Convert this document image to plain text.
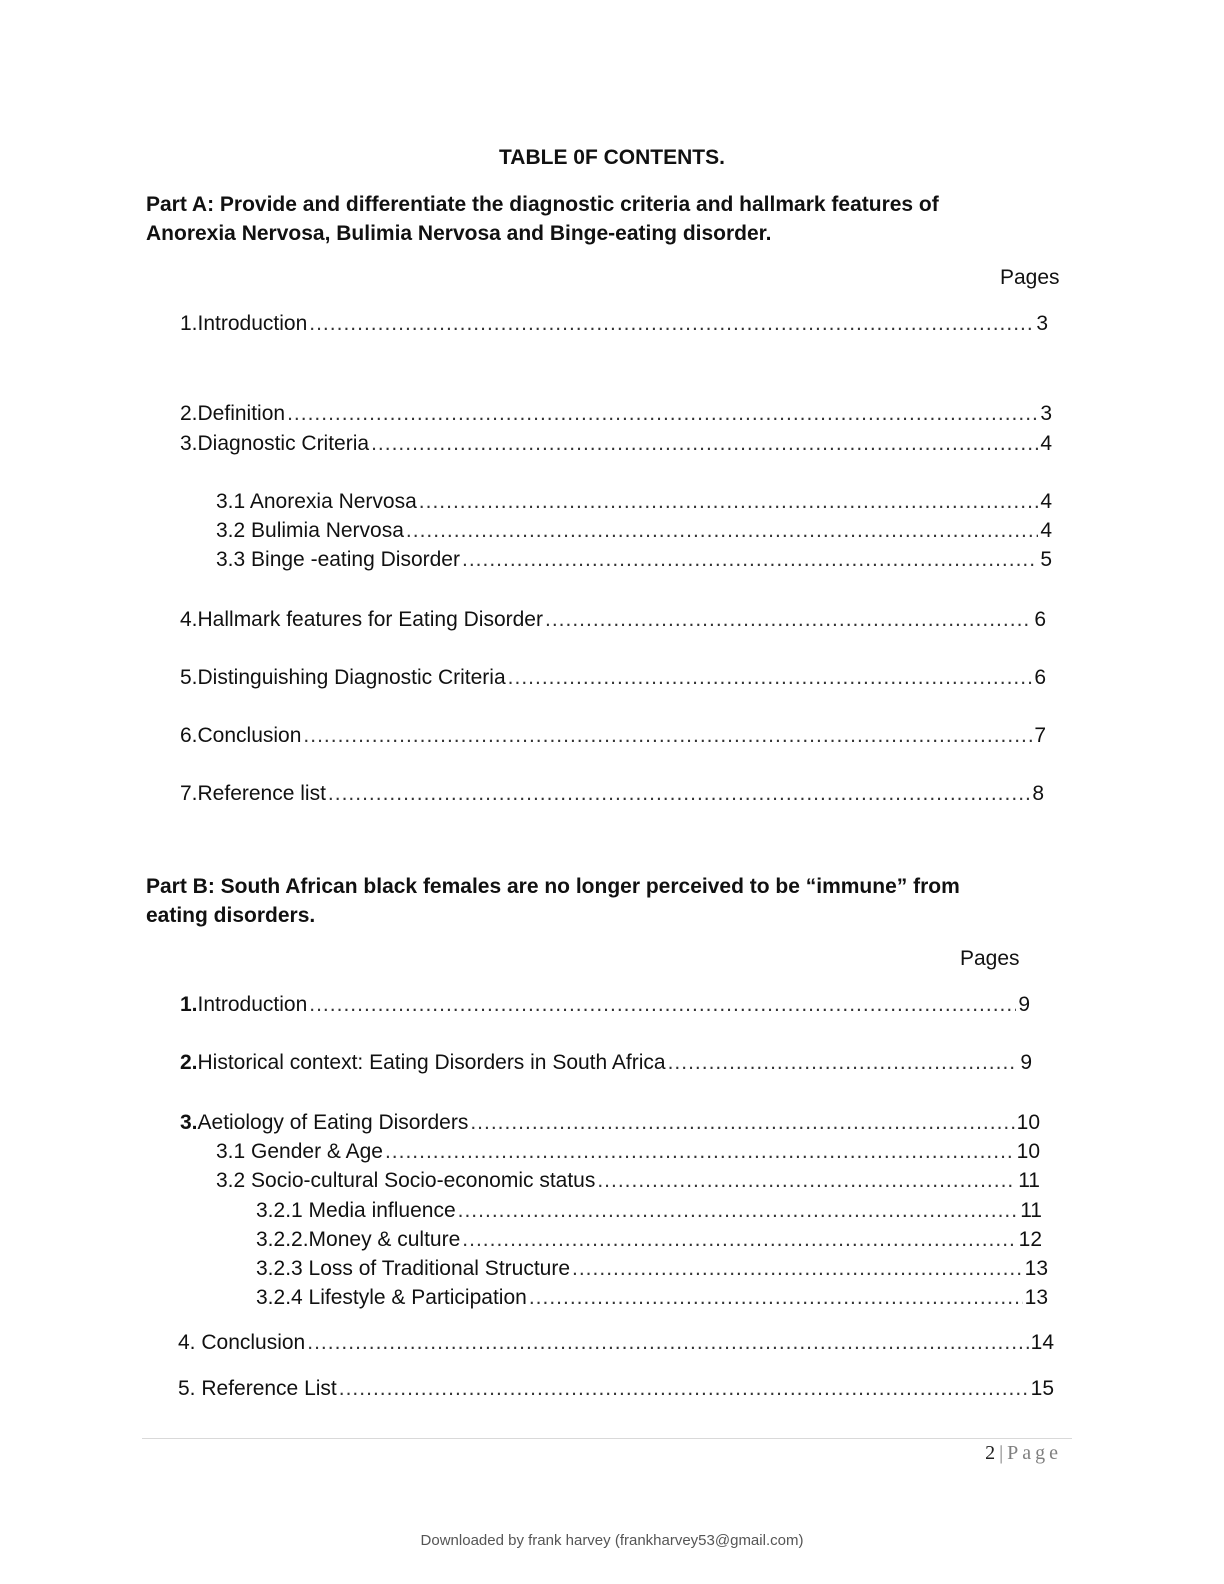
TABLE 0F CONTENTS.
Part A: Provide and differentiate the diagnostic criteria and hallmark features of
Anorexia Nervosa, Bulimia Nervosa and Binge-eating disorder.
Pages
1. Introduction .....	3
2. Definition .....	3
3. Diagnostic Criteria .....	4
3.1 Anorexia Nervosa .....	4
3.2 Bulimia Nervosa .....	4
3.3 Binge -eating Disorder .....	5
4. Hallmark features for Eating Disorder .....	6
5. Distinguishing Diagnostic Criteria .....	6
6. Conclusion .....	7
7. Reference list .....	8
Part B: South African black females are no longer perceived to be “immune” from
eating disorders.
Pages
1. Introduction .....	9
2. Historical context: Eating Disorders in South Africa .....	9
3. Aetiology of Eating Disorders .....	10
3.1 Gender & Age .....	10
3.2 Socio-cultural Socio-economic status .....	11
3.2.1 Media influence .....	11
3.2.2.Money & culture .....	12
3.2.3 Loss of Traditional Structure .....	13
3.2.4 Lifestyle & Participation .....	13
4. Conclusion .....	14
5. Reference List .....	15
2 | Page
Downloaded by frank harvey (frankharvey53@gmail.com)
